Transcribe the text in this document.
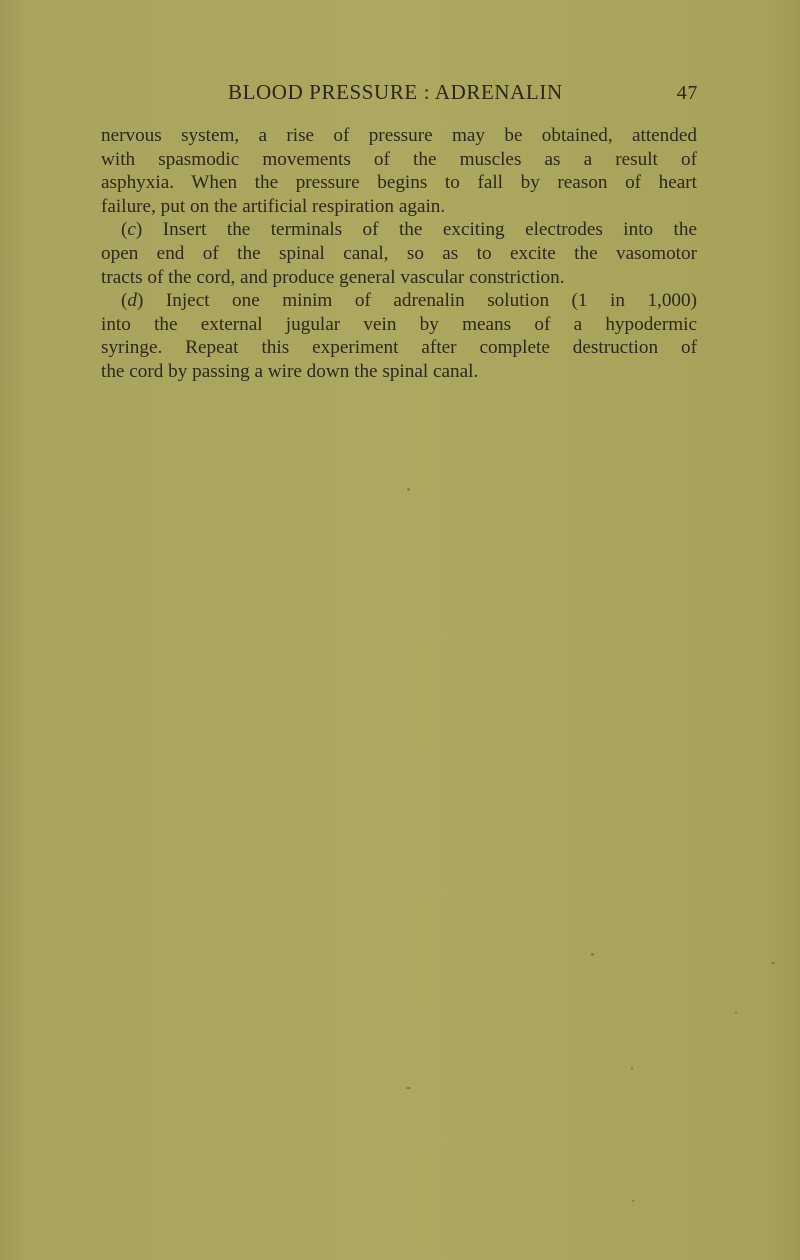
BLOOD PRESSURE : ADRENALIN	47
nervous system, a rise of pressure may be obtained, attended
with spasmodic movements of the muscles as a result of
asphyxia. When the pressure begins to fall by reason of heart
failure, put on the artificial respiration again.
(c) Insert the terminals of the exciting electrodes into the
open end of the spinal canal, so as to excite the vasomotor
tracts of the cord, and produce general vascular constriction.
(d) Inject one minim of adrenalin solution (1 in 1,000)
into the external jugular vein by means of a hypodermic
syringe. Repeat this experiment after complete destruction of
the cord by passing a wire down the spinal canal.
